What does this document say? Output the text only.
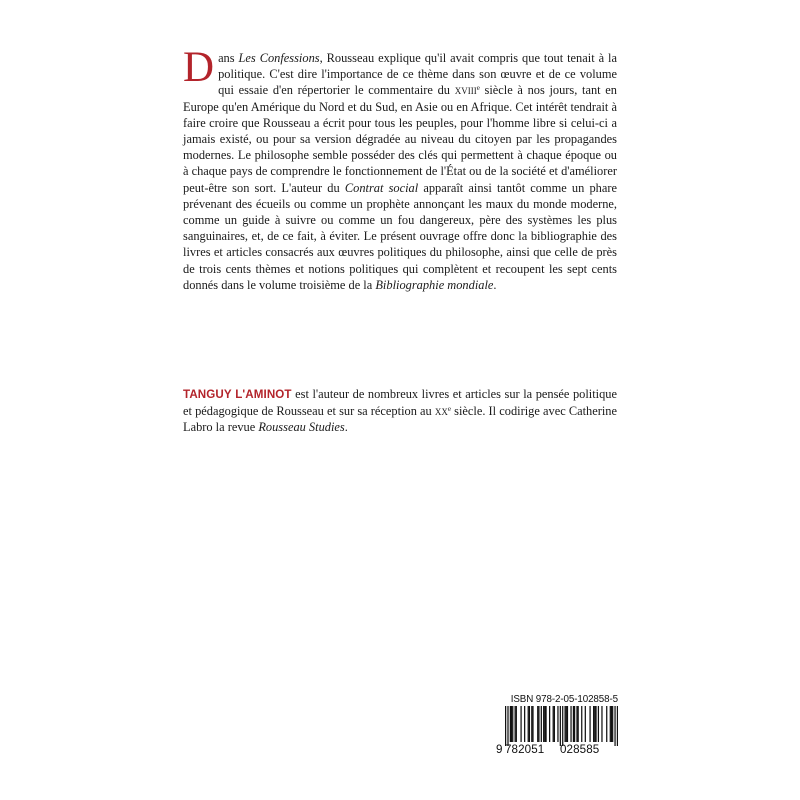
Dans Les Confessions, Rousseau explique qu'il avait compris que tout tenait à la politique. C'est dire l'importance de ce thème dans son œuvre et de ce volume qui essaie d'en répertorier le commentaire du xviii$^e$ siècle à nos jours, tant en Europe qu'en Amérique du Nord et du Sud, en Asie ou en Afrique. Cet intérêt tendrait à faire croire que Rousseau a écrit pour tous les peuples, pour l'homme libre si celui-ci a jamais existé, ou pour sa version dégradée au niveau du citoyen par les propagandes modernes. Le philosophe semble posséder des clés qui permettent à chaque époque ou à chaque pays de comprendre le fonctionnement de l'État ou de la société et d'améliorer peut-être son sort. L'auteur du Contrat social apparaît ainsi tantôt comme un phare prévenant des écueils ou comme un prophète annonçant les maux du monde moderne, comme un guide à suivre ou comme un fou dangereux, père des systèmes les plus sanguinaires, et, de ce fait, à éviter. Le présent ouvrage offre donc la bibliographie des livres et articles consacrés aux œuvres politiques du philosophe, ainsi que celle de près de trois cents thèmes et notions politiques qui complètent et recoupent les sept cents donnés dans le volume troisième de la Bibliographie mondiale.

TANGUY L'AMINOT est l'auteur de nombreux livres et articles sur la pensée politique et pédagogique de Rousseau et sur sa réception au $xx^e$ siècle. Il codirige avec Catherine Labro la revue Rousseau Studies.

ISBN 978-2-05-102858-5
9 782051 028585
